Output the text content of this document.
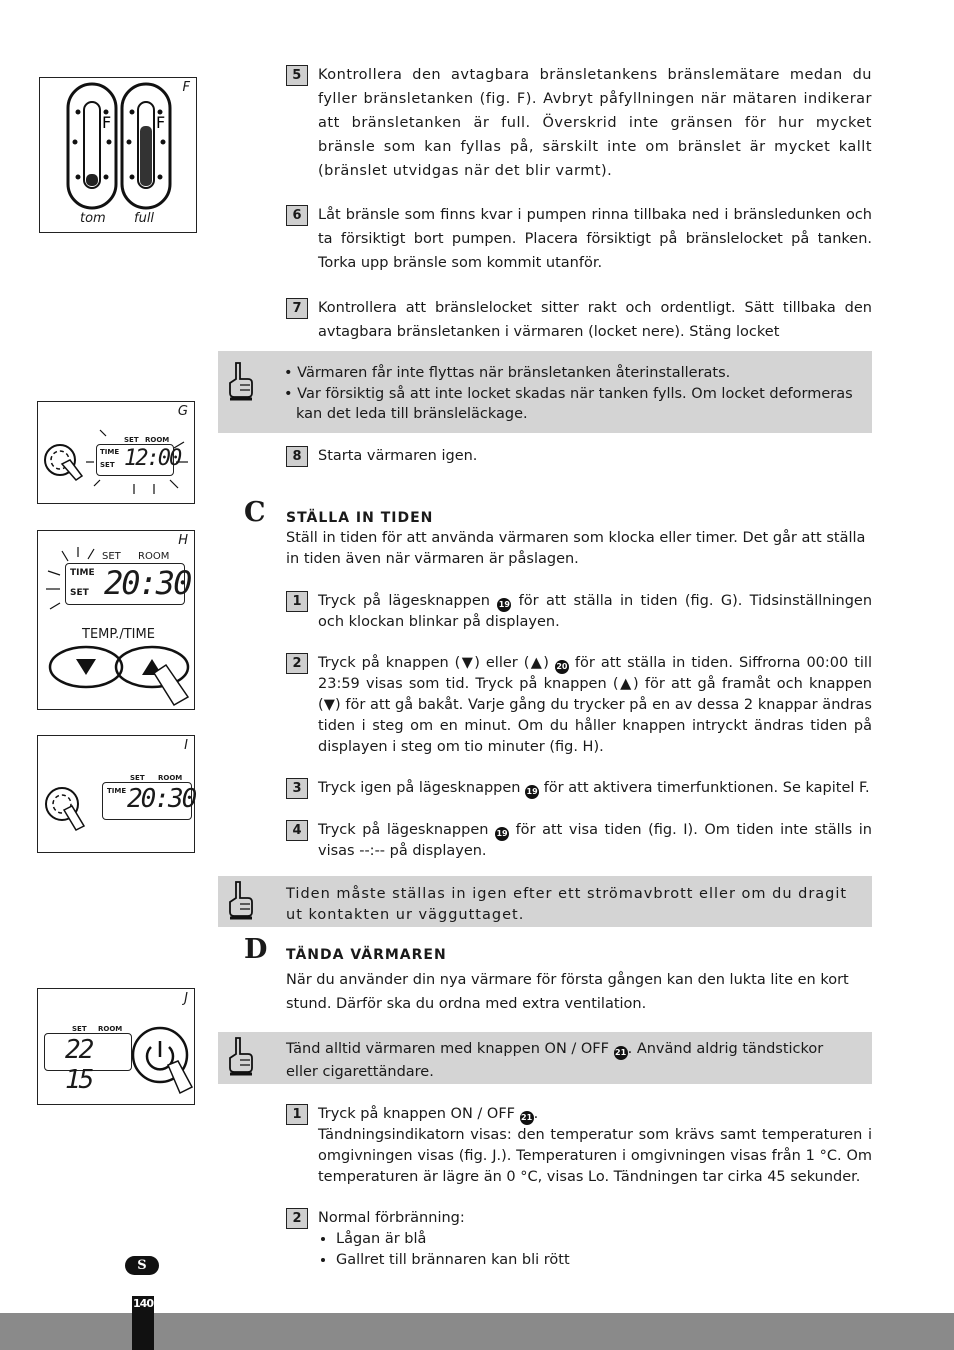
F
F	F
tom full
G
SET ROOM
TIME
SET 12:00
H
SET ROOM
TIME
SET 20:30
TEMP./TIME
I
SET ROOM
TIME 20:30
J
SET ROOM
22 15
5	Kontrollera den avtagbara bränsletankens bränslemätare medan du fyller bränsletanken (fig. F). Avbryt påfyllningen när mätaren indikerar att bränsletanken är full. Överskrid inte gränsen för hur mycket bränsle som kan fyllas på, särskilt inte om bränslet är mycket kallt (bränslet utvidgas när det blir varmt).
6	Låt bränsle som finns kvar i pumpen rinna tillbaka ned i bränsledunken och ta försiktigt bort pumpen. Placera försiktigt på bränslelocket på tanken. Torka upp bränsle som kommit utanför.
7	Kontrollera att bränslelocket sitter rakt och ordentligt. Sätt tillbaka den avtagbara bränsletanken i värmaren (locket nere). Stäng locket
• Värmaren får inte flyttas när bränsletanken återinstallerats.
• Var försiktig så att inte locket skadas när tanken fylls. Om locket deformeras
kan det leda till bränsleläckage.
8	Starta värmaren igen.
C STÄLLA IN TIDEN
Ställ in tiden för att använda värmaren som klocka eller timer. Det går att ställa in tiden även när värmaren är påslagen.
1	Tryck på lägesknappen 19 för att ställa in tiden (fig. G). Tidsinställningen och klockan blinkar på displayen.
2	Tryck på knappen (▼) eller (▲) 20 för att ställa in tiden. Siffrorna 00:00 till 23:59 visas som tid. Tryck på knappen (▲) för att gå framåt och knappen (▼) för att gå bakåt. Varje gång du trycker på en av dessa 2 knappar ändras tiden i steg om en minut. Om du håller knappen intryckt ändras tiden på displayen i steg om tio minuter (fig. H).
3	Tryck igen på lägesknappen 19 för att aktivera timerfunktionen. Se kapitel F.
4	Tryck på lägesknappen 19 för att visa tiden (fig. I). Om tiden inte ställs in visas --:-- på displayen.
Tiden måste ställas in igen efter ett strömavbrott eller om du dragit ut kontakten ur vägguttaget.
D TÄNDA VÄRMAREN
När du använder din nya värmare för första gången kan den lukta lite en kort stund. Därför ska du ordna med extra ventilation.
Tänd alltid värmaren med knappen ON / OFF 21. Använd aldrig tändstickor eller cigarettändare.
1	Tryck på knappen ON / OFF 21.
Tändningsindikatorn visas: den temperatur som krävs samt temperaturen i omgivningen visas (fig. J.). Temperaturen i omgivningen visas från 1 °C. Om temperaturen är lägre än 0 °C, visas Lo. Tändningen tar cirka 45 sekunder.
2	Normal förbränning:
• Lågan är blå
• Gallret till brännaren kan bli rött
S
140
